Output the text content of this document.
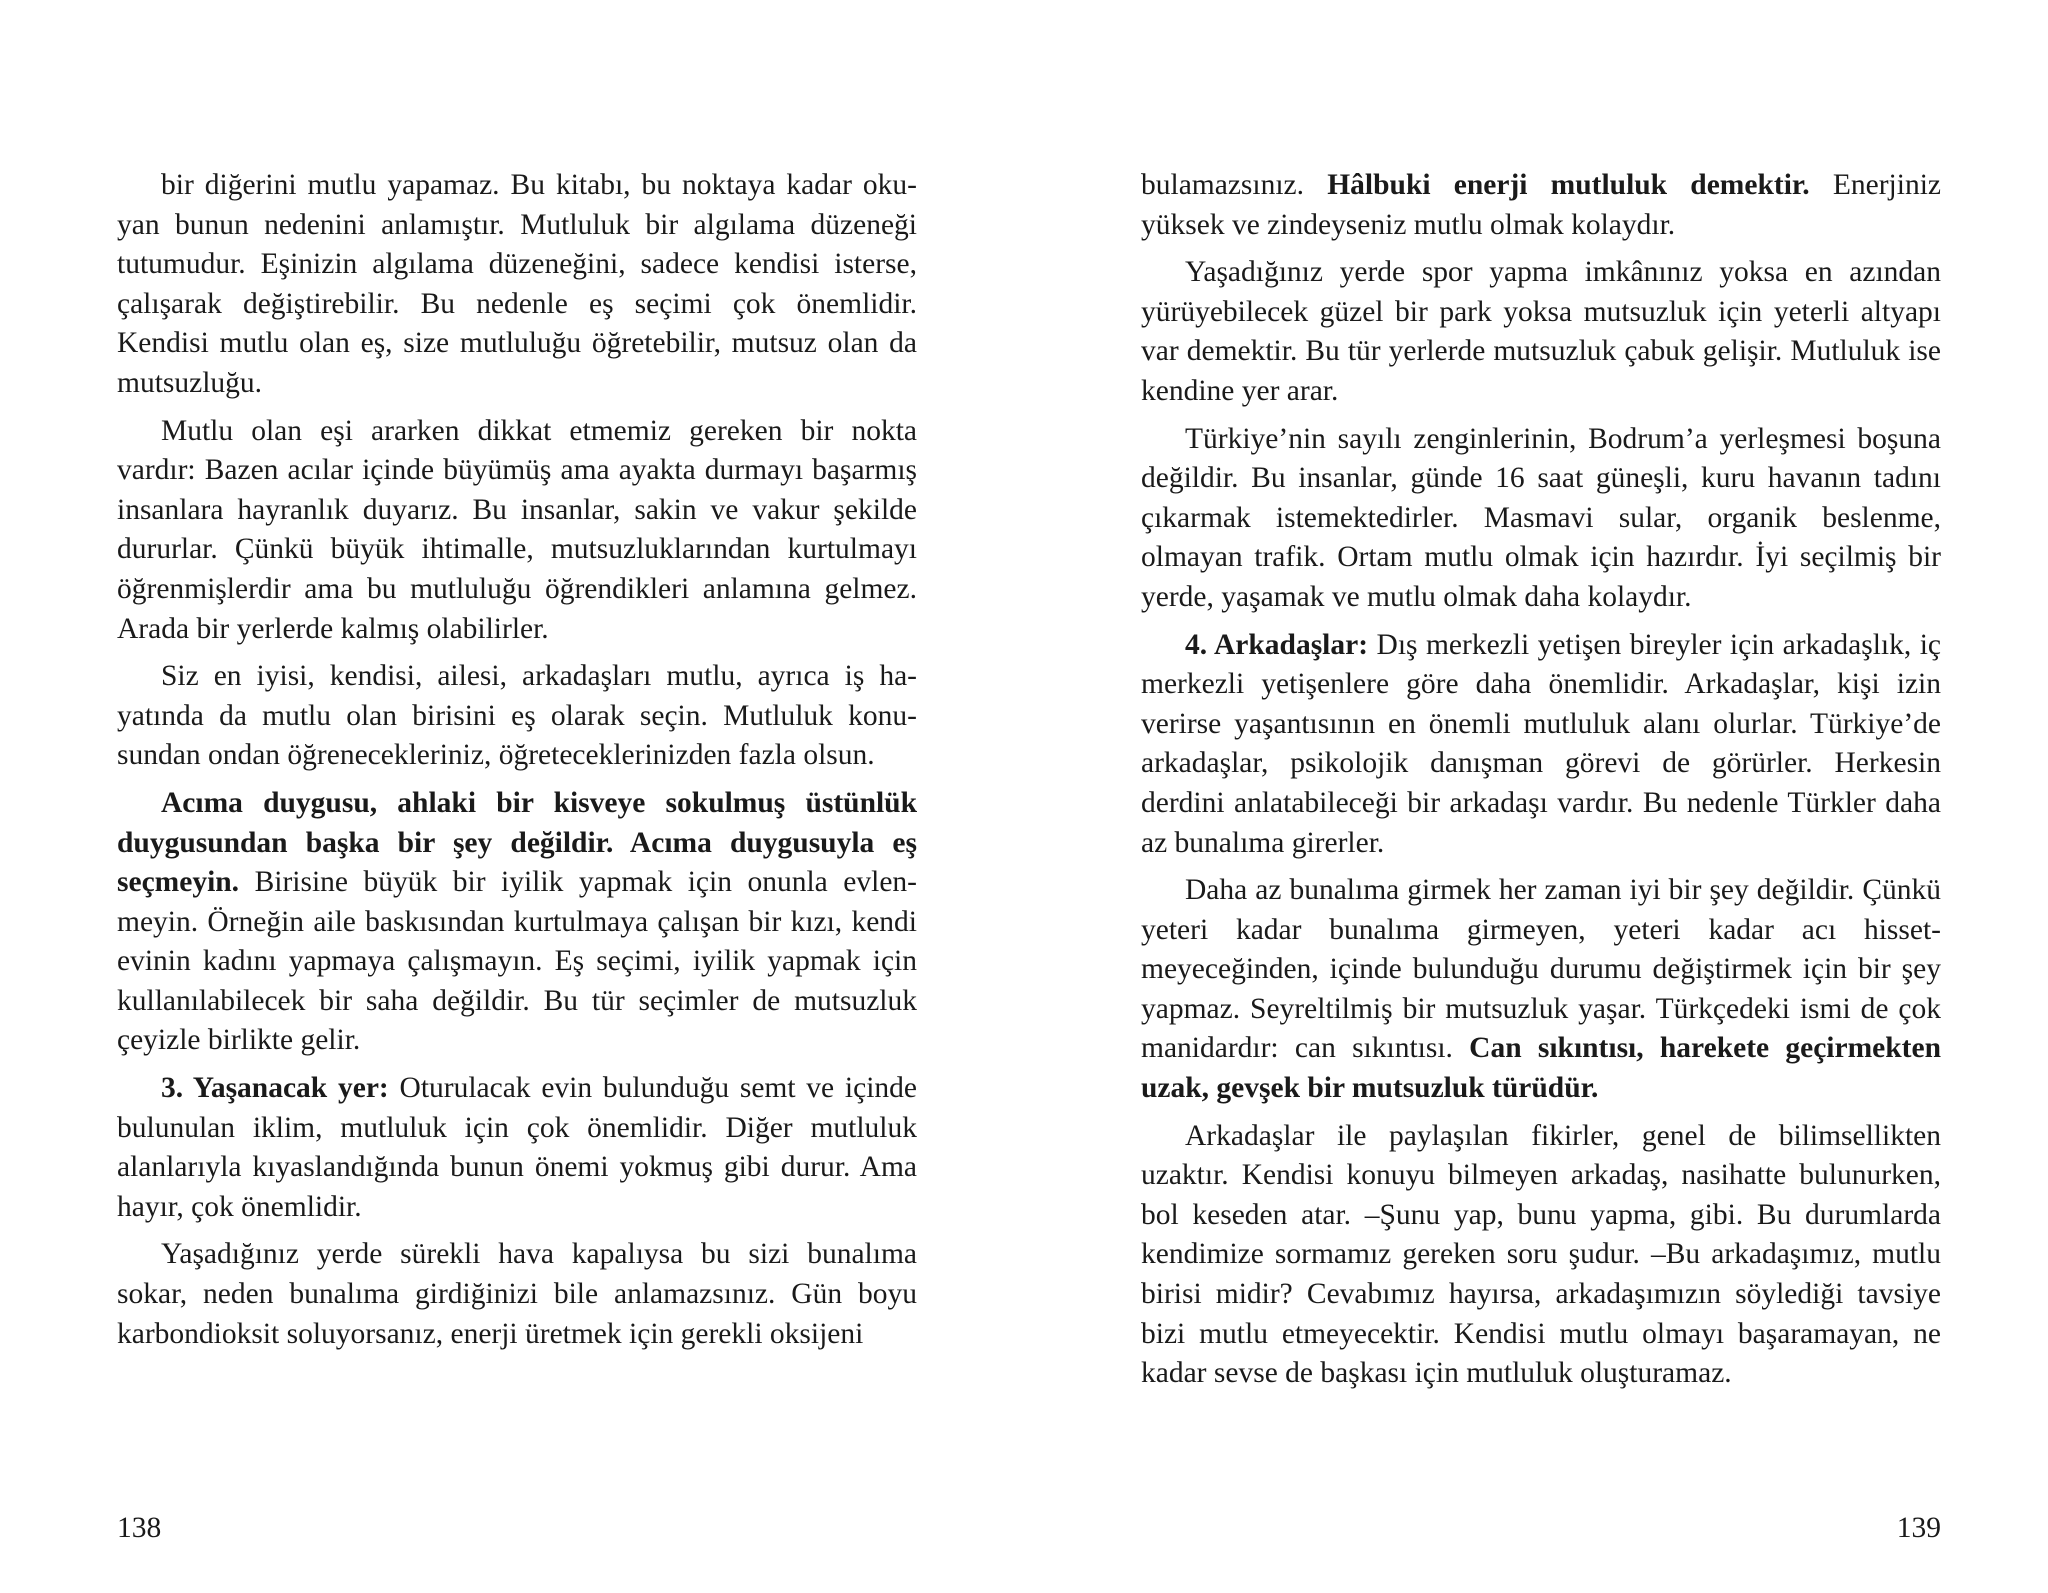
bir diğerini mutlu yapamaz. Bu kitabı, bu noktaya kadar okuyan bunun nedenini anlamıştır. Mutluluk bir algılama düzeneği tutumudur. Eşinizin algılama düzeneğini, sadece kendisi isterse, çalışarak değiştirebilir. Bu nedenle eş seçimi çok önemlidir. Kendisi mutlu olan eş, size mutluluğu öğretebilir, mutsuz olan da mutsuzluğu.

Mutlu olan eşi ararken dikkat etmemiz gereken bir nokta vardır: Bazen acılar içinde büyümüş ama ayakta durmayı başarmış insanlara hayranlık duyarız. Bu insanlar, sakin ve vakur şekilde dururlar. Çünkü büyük ihtimalle, mutsuzluklarından kurtulmayı öğrenmişlerdir ama bu mutluluğu öğrendikleri anlamına gelmez. Arada bir yerlerde kalmış olabilirler.

Siz en iyisi, kendisi, ailesi, arkadaşları mutlu, ayrıca iş hayatında da mutlu olan birisini eş olarak seçin. Mutluluk konusundan ondan öğrenecekleriniz, öğreteceklerinizden fazla olsun.

Acıma duygusu, ahlaki bir kisveye sokulmuş üstünlük duygusundan başka bir şey değildir. Acıma duygusuyla eş seçmeyin. Birisine büyük bir iyilik yapmak için onunla evlenmeyin. Örneğin aile baskısından kurtulmaya çalışan bir kızı, kendi evinin kadını yapmaya çalışmayın. Eş seçimi, iyilik yapmak için kullanılabilecek bir saha değildir. Bu tür seçimler de mutsuzluk çeyizle birlikte gelir.

3. Yaşanacak yer: Oturulacak evin bulunduğu semt ve içinde bulunulan iklim, mutluluk için çok önemlidir. Diğer mutluluk alanlarıyla kıyaslandığında bunun önemi yokmuş gibi durur. Ama hayır, çok önemlidir.

Yaşadığınız yerde sürekli hava kapalıysa bu sizi bunalıma sokar, neden bunalıma girdiğinizi bile anlamazsınız. Gün boyu karbondioksit soluyorsanız, enerji üretmek için gerekli oksijeni

138

bulamazsınız. Hâlbuki enerji mutluluk demektir. Enerjiniz yüksek ve zindeyseniz mutlu olmak kolaydır.

Yaşadığınız yerde spor yapma imkânınız yoksa en azından yürüyebilecek güzel bir park yoksa mutsuzluk için yeterli altyapı var demektir. Bu tür yerlerde mutsuzluk çabuk gelişir. Mutluluk ise kendine yer arar.

Türkiye’nin sayılı zenginlerinin, Bodrum’a yerleşmesi boşuna değildir. Bu insanlar, günde 16 saat güneşli, kuru havanın tadını çıkarmak istemektedirler. Masmavi sular, organik beslenme, olmayan trafik. Ortam mutlu olmak için hazırdır. İyi seçilmiş bir yerde, yaşamak ve mutlu olmak daha kolaydır.

4. Arkadaşlar: Dış merkezli yetişen bireyler için arkadaşlık, iç merkezli yetişenlere göre daha önemlidir. Arkadaşlar, kişi izin verirse yaşantısının en önemli mutluluk alanı olurlar. Türkiye’de arkadaşlar, psikolojik danışman görevi de görürler. Herkesin derdini anlatabileceği bir arkadaşı vardır. Bu nedenle Türkler daha az bunalıma girerler.

Daha az bunalıma girmek her zaman iyi bir şey değildir. Çünkü yeteri kadar bunalıma girmeyen, yeteri kadar acı hissetmeyeceğinden, içinde bulunduğu durumu değiştirmek için bir şey yapmaz. Seyreltilmiş bir mutsuzluk yaşar. Türkçedeki ismi de çok manidardır: can sıkıntısı. Can sıkıntısı, harekete geçirmekten uzak, gevşek bir mutsuzluk türüdür.

Arkadaşlar ile paylaşılan fikirler, genel de bilimsellikten uzaktır. Kendisi konuyu bilmeyen arkadaş, nasihatte bulunurken, bol keseden atar. –Şunu yap, bunu yapma, gibi. Bu durumlarda kendimize sormamız gereken soru şudur. –Bu arkadaşımız, mutlu birisi midir? Cevabımız hayırsa, arkadaşımızın söylediği tavsiye bizi mutlu etmeyecektir. Kendisi mutlu olmayı başaramayan, ne kadar sevse de başkası için mutluluk oluşturamaz.

139
